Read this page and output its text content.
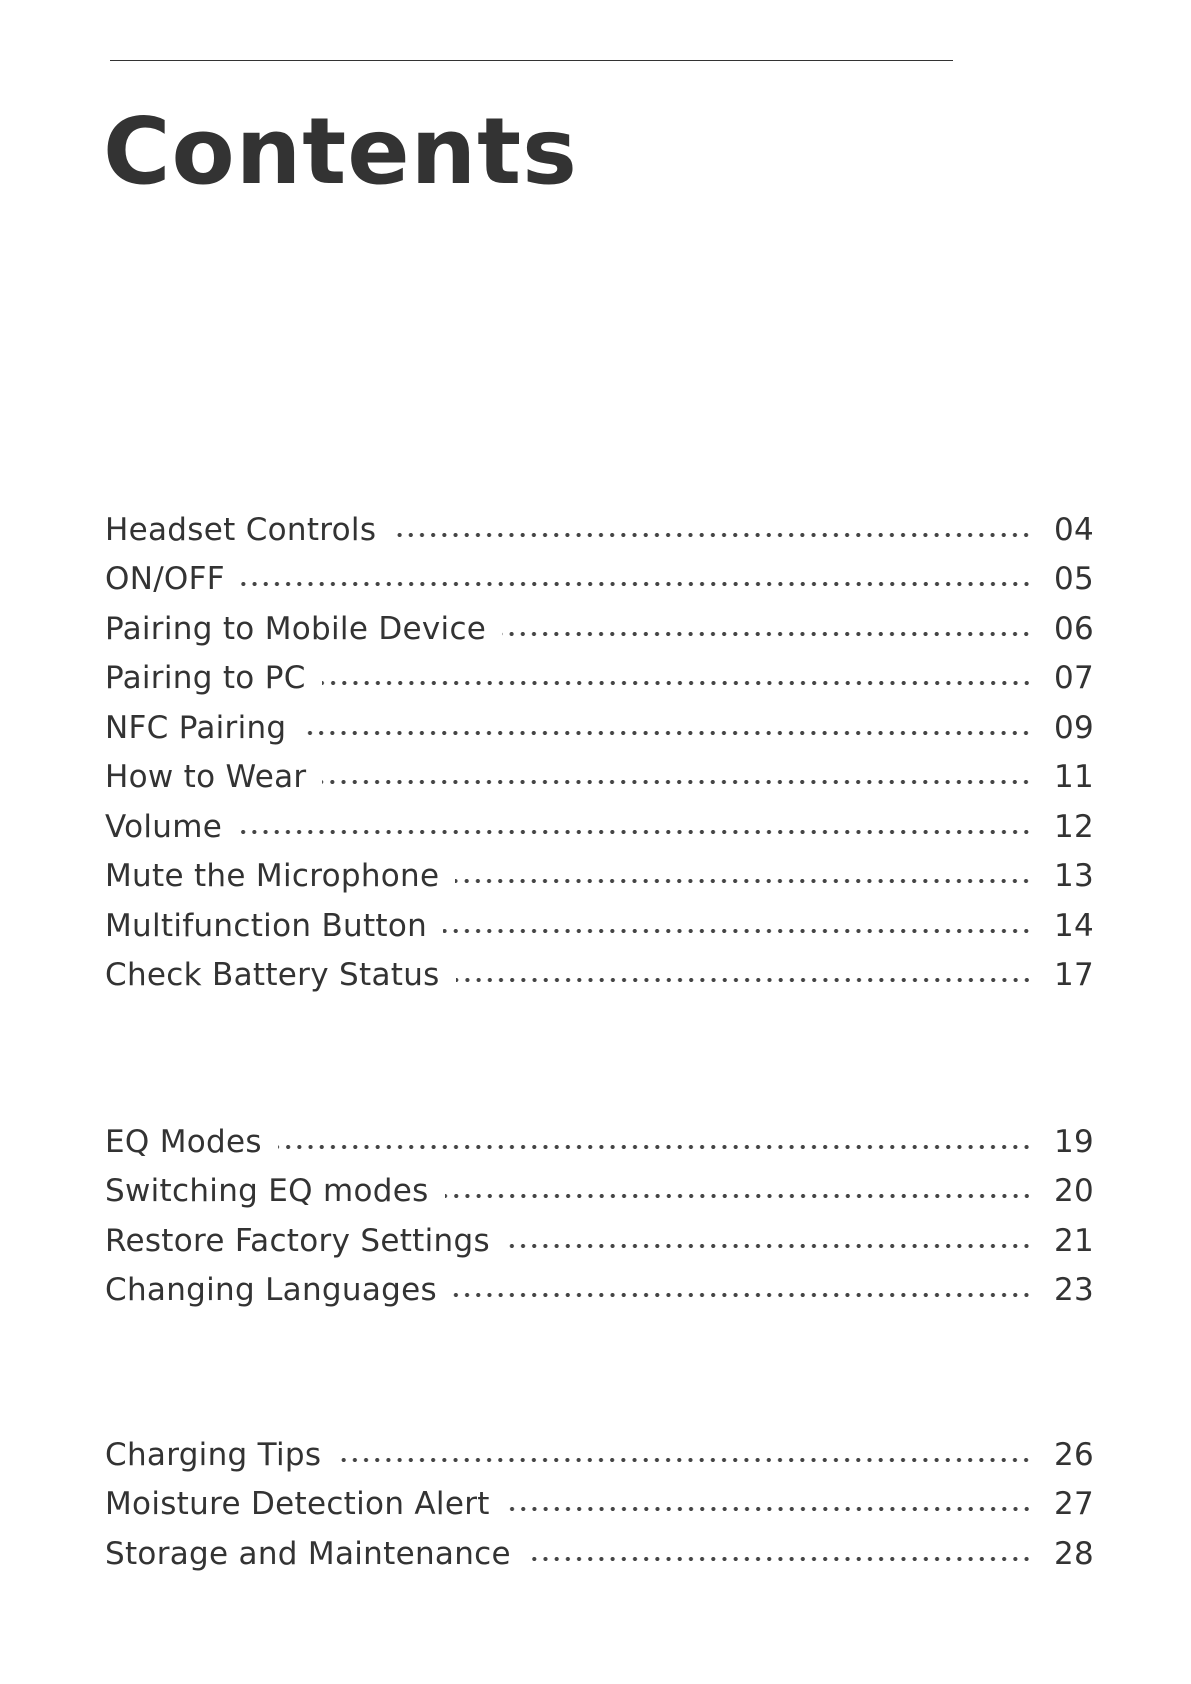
Contents
Headset Controls	04
ON/OFF	05
Pairing to Mobile Device	06
Pairing to PC	07
NFC Pairing	09
How to Wear	11
Volume	12
Mute the Microphone	13
Multifunction Button	14
Check Battery Status	17
EQ Modes	19
Switching EQ modes	20
Restore Factory Settings	21
Changing Languages	23
Charging Tips	26
Moisture Detection Alert	27
Storage and Maintenance	28
